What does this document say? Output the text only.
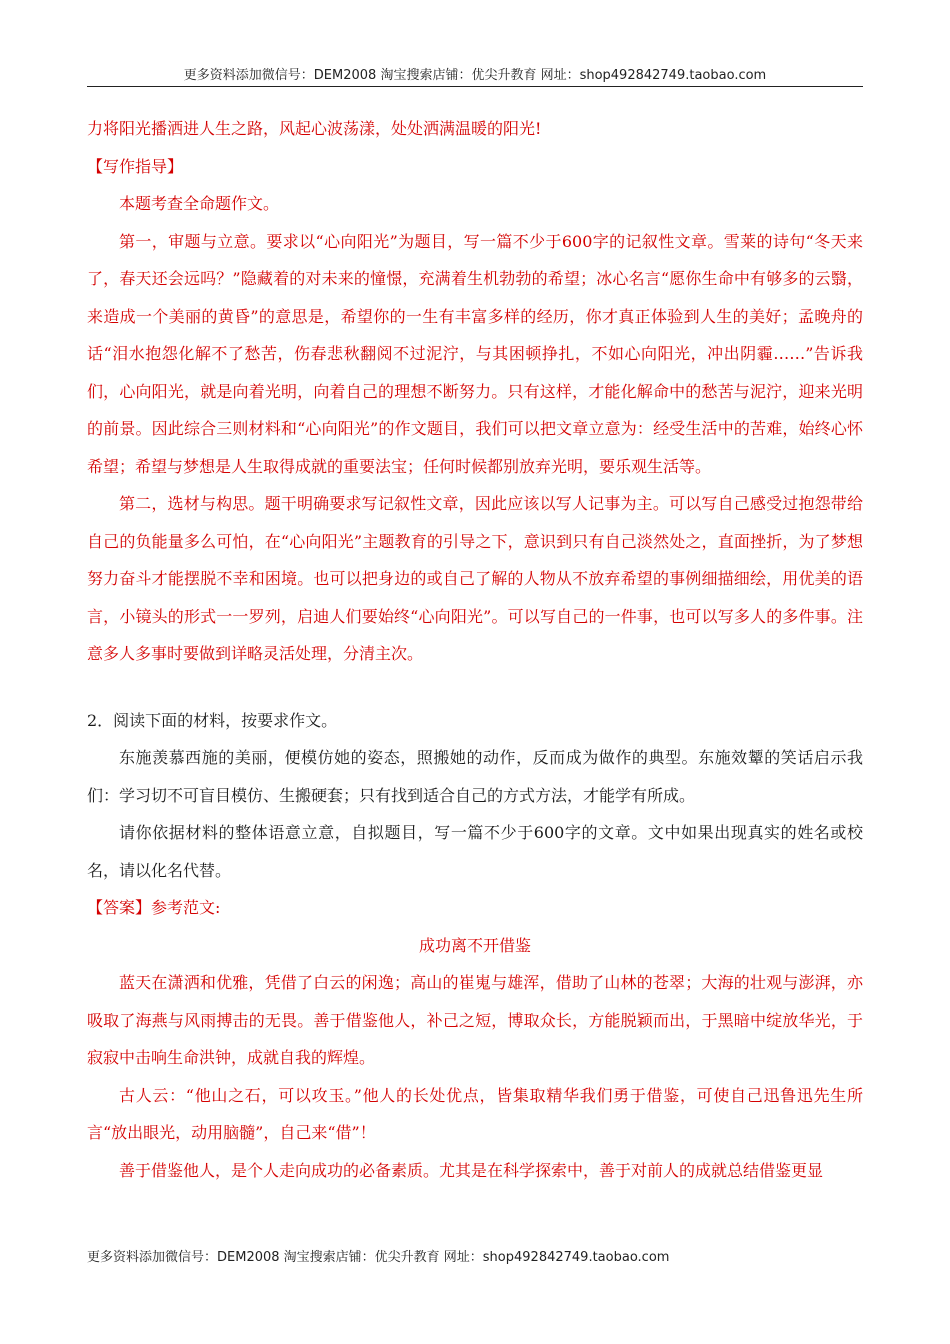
更多资料添加微信号：DEM2008 淘宝搜索店铺：优尖升教育 网址：shop492842749.taobao.com

力将阳光播洒进人生之路，风起心波荡漾，处处洒满温暖的阳光!

【写作指导】

本题考查全命题作文。

第一，审题与立意。要求以“心向阳光”为题目，写一篇不少于600字的记叙性文章。雪莱的诗句“冬天来了，春天还会远吗？”隐藏着的对未来的憧憬，充满着生机勃勃的希望；冰心名言“愿你生命中有够多的云翳，来造成一个美丽的黄昏”的意思是，希望你的一生有丰富多样的经历，你才真正体验到人生的美好；孟晚舟的话“泪水抱怨化解不了愁苦，伤春悲秋翻阅不过泥泞，与其困顿挣扎，不如心向阳光，冲出阴霾……”告诉我们，心向阳光，就是向着光明，向着自己的理想不断努力。只有这样，才能化解命中的愁苦与泥泞，迎来光明的前景。因此综合三则材料和“心向阳光”的作文题目，我们可以把文章立意为：经受生活中的苦难，始终心怀希望；希望与梦想是人生取得成就的重要法宝；任何时候都别放弃光明，要乐观生活等。

第二，选材与构思。题干明确要求写记叙性文章，因此应该以写人记事为主。可以写自己感受过抱怨带给自己的负能量多么可怕，在“心向阳光”主题教育的引导之下，意识到只有自己淡然处之，直面挫折，为了梦想努力奋斗才能摆脱不幸和困境。也可以把身边的或自己了解的人物从不放弃希望的事例细描细绘，用优美的语言，小镜头的形式一一罗列，启迪人们要始终“心向阳光”。可以写自己的一件事，也可以写多人的多件事。注意多人多事时要做到详略灵活处理，分清主次。

2．阅读下面的材料，按要求作文。

东施羡慕西施的美丽，便模仿她的姿态，照搬她的动作，反而成为做作的典型。东施效颦的笑话启示我们：学习切不可盲目模仿、生搬硬套；只有找到适合自己的方式方法，才能学有所成。

请你依据材料的整体语意立意，自拟题目，写一篇不少于600字的文章。文中如果出现真实的姓名或校名，请以化名代替。

【答案】参考范文:

成功离不开借鉴

蓝天在潇洒和优雅，凭借了白云的闲逸；高山的崔嵬与雄浑，借助了山林的苍翠；大海的壮观与澎湃，亦吸取了海燕与风雨搏击的无畏。善于借鉴他人，补己之短，博取众长，方能脱颖而出，于黑暗中绽放华光，于寂寂中击响生命洪钟，成就自我的辉煌。

古人云：“他山之石，可以攻玉。”他人的长处优点，皆集取精华我们勇于借鉴，可使自己迅鲁迅先生所言“放出眼光，动用脑髓”，自己来“借”！

善于借鉴他人，是个人走向成功的必备素质。尤其是在科学探索中，善于对前人的成就总结借鉴更显

更多资料添加微信号：DEM2008 淘宝搜索店铺：优尖升教育 网址：shop492842749.taobao.com
